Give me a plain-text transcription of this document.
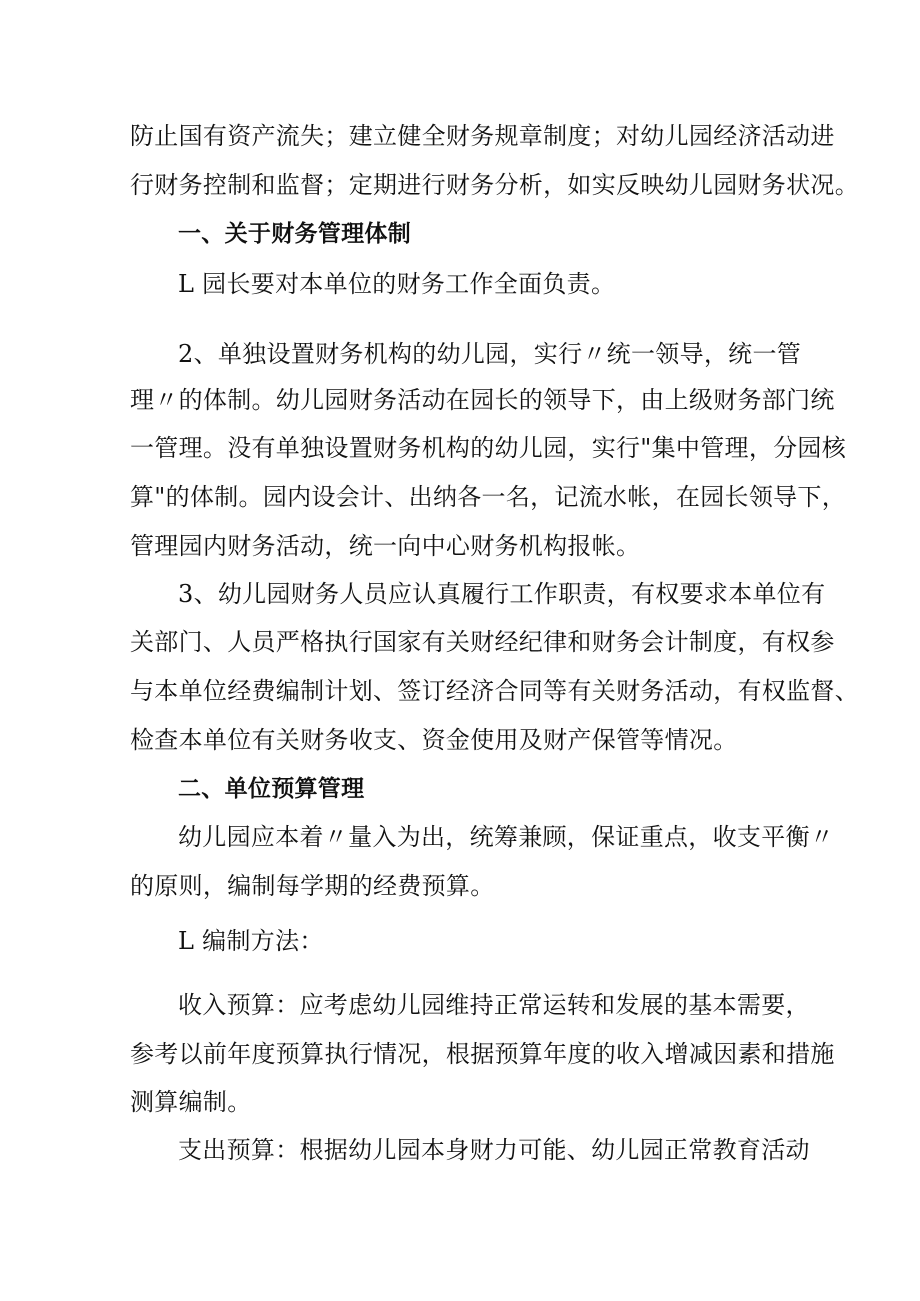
防止国有资产流失；建立健全财务规章制度；对幼儿园经济活动进
行财务控制和监督；定期进行财务分析，如实反映幼儿园财务状况。
一、关于财务管理体制
L 园长要对本单位的财务工作全面负责。
2、单独设置财务机构的幼儿园，实行〃统一领导，统一管
理〃的体制。幼儿园财务活动在园长的领导下，由上级财务部门统
一管理。没有单独设置财务机构的幼儿园，实行"集中管理，分园核
算"的体制。园内设会计、出纳各一名，记流水帐，在园长领导下，
管理园内财务活动，统一向中心财务机构报帐。
3、幼儿园财务人员应认真履行工作职责，有权要求本单位有
关部门、人员严格执行国家有关财经纪律和财务会计制度，有权参
与本单位经费编制计划、签订经济合同等有关财务活动，有权监督、
检查本单位有关财务收支、资金使用及财产保管等情况。
二、单位预算管理
幼儿园应本着〃量入为出，统筹兼顾，保证重点，收支平衡〃
的原则，编制每学期的经费预算。
L 编制方法：
收入预算：应考虑幼儿园维持正常运转和发展的基本需要，
参考以前年度预算执行情况，根据预算年度的收入增减因素和措施
测算编制。
支出预算：根据幼儿园本身财力可能、幼儿园正常教育活动
